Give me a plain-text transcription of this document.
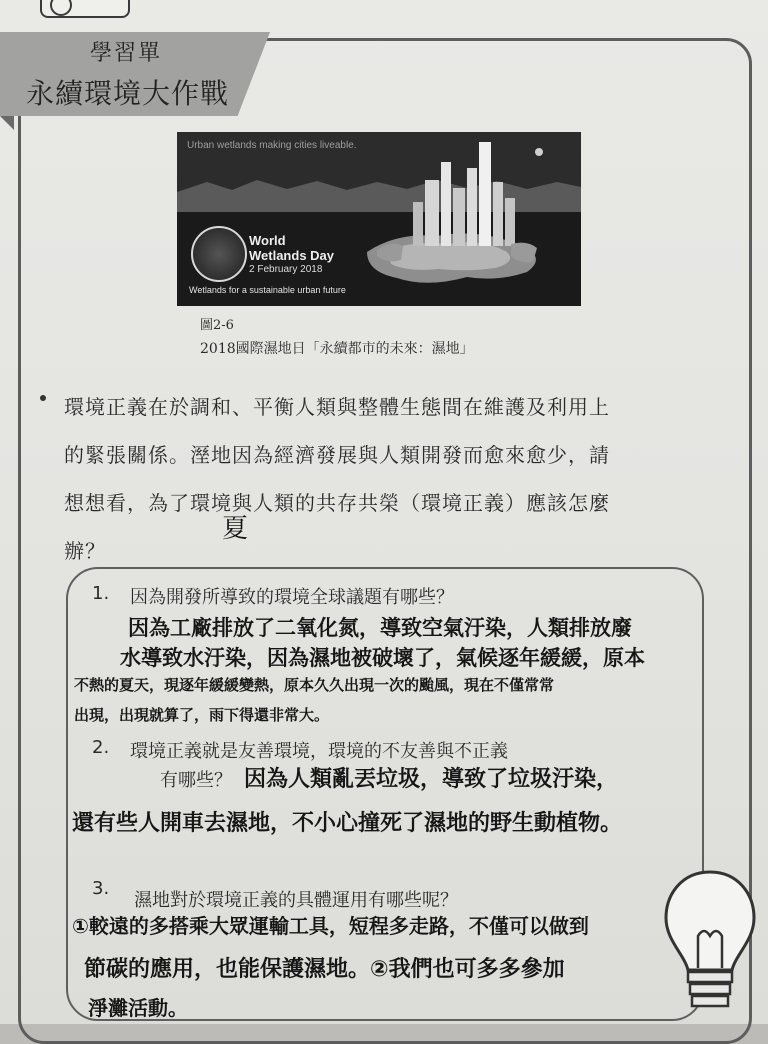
學習單
永續環境大作戰
Urban wetlands making cities liveable.
World
Wetlands Day
2 February 2018
Wetlands for a sustainable urban future
圖2-6
2018國際濕地日「永續都市的未來：濕地」
環境正義在於調和、平衡人類與整體生態間在維護及利用上
的緊張關係。溼地因為經濟發展與人類開發而愈來愈少，請
想想看，為了環境與人類的共存共榮（環境正義）應該怎麼
辦？
夏
1. 因為開發所導致的環境全球議題有哪些？
因為工廠排放了二氧化氮，導致空氣汙染，人類排放廢
水導致水汙染，因為濕地被破壞了，氣候逐年緩緩，原本
不熱的夏天，現逐年緩緩變熱，原本久久出現一次的颱風，現在不僅常常
出現，出現就算了，雨下得還非常大。
2. 環境正義就是友善環境，環境的不友善與不正義
有哪些？ 因為人類亂丟垃圾，導致了垃圾汙染，
還有些人開車去濕地，不小心撞死了濕地的野生動植物。
3.
濕地對於環境正義的具體運用有哪些呢？
①較遠的多搭乘大眾運輸工具，短程多走路，不僅可以做到
節碳的應用，也能保護濕地。②我們也可多多參加
淨灘活動。
